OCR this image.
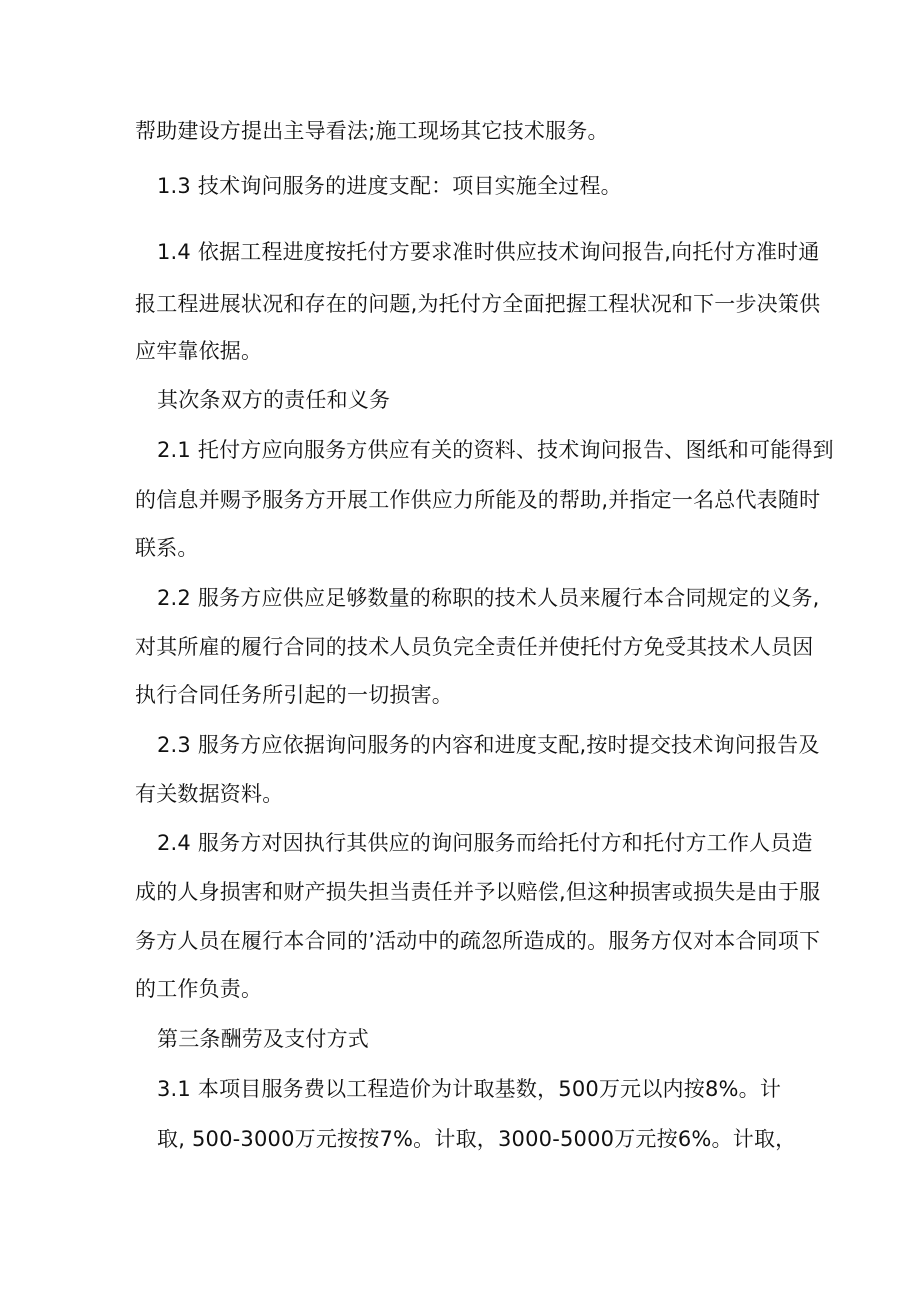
帮助建设方提出主导看法;施工现场其它技术服务。
1.3 技术询问服务的进度支配：项目实施全过程。
1.4 依据工程进度按托付方要求准时供应技术询问报告,向托付方准时通
报工程进展状况和存在的问题,为托付方全面把握工程状况和下一步决策供
应牢靠依据。
其次条双方的责任和义务
2.1 托付方应向服务方供应有关的资料、技术询问报告、图纸和可能得到
的信息并赐予服务方开展工作供应力所能及的帮助,并指定一名总代表随时
联系。
2.2 服务方应供应足够数量的称职的技术人员来履行本合同规定的义务,
对其所雇的履行合同的技术人员负完全责任并使托付方免受其技术人员因
执行合同任务所引起的一切损害。
2.3 服务方应依据询问服务的内容和进度支配,按时提交技术询问报告及
有关数据资料。
2.4 服务方对因执行其供应的询问服务而给托付方和托付方工作人员造
成的人身损害和财产损失担当责任并予以赔偿,但这种损害或损失是由于服
务方人员在履行本合同的’活动中的疏忽所造成的。服务方仅对本合同项下
的工作负责。
第三条酬劳及支付方式
3.1 本项目服务费以工程造价为计取基数，500万元以内按8%。计
取, 500-3000万元按按7%。计取，3000-5000万元按6%。计取，
